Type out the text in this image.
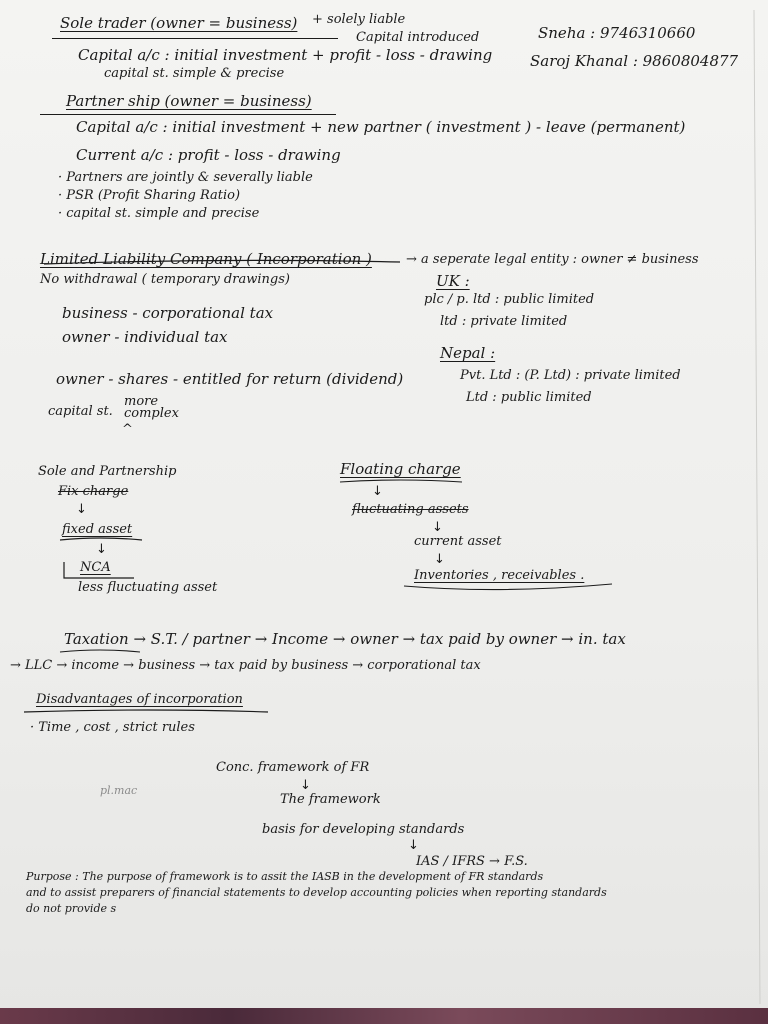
Sole trader (owner = business) + solely liable
Capital introduced
Capital a/c : initial investment + profit - loss - drawing
capital st. simple & precise
Sneha : 9746310660
Saroj Khanal : 9860804877
Partner ship (owner = business)
Capital a/c : initial investment + new partner ( investment ) - leave (permanent)
Current a/c : profit - loss - drawing
· Partners are jointly & severally liable
· PSR (Profit Sharing Ratio)
· capital st. simple and precise
Limited Liability Company ( Incorporation )	→ a seperate legal entity : owner ≠ business
No withdrawal ( temporary drawings)
business - corporational tax
owner - individual tax
UK :
plc / p. ltd : public limited
ltd : private limited
Nepal :
owner - shares - entitled for return (dividend)	Pvt. Ltd : (P. Ltd) : private limited
Ltd : public limited
more
capital st. complex
^
Sole and Partnership
Fix charge
↓
fixed asset
↓
NCA
less fluctuating asset
Floating charge
↓
fluctuating assets
↓
current asset
↓
Inventories , receivables .
Taxation → S.T. / partner → Income → owner → tax paid by owner → in. tax
→ LLC → income → business → tax paid by business → corporational tax
Disadvantages of incorporation
· Time , cost , strict rules
pl.mac
Conc. framework of FR
↓
The framework
basis for developing standards
↓
IAS / IFRS → F.S.
Purpose : The purpose of framework is to assit the IASB in the development of FR standards
and to assist preparers of financial statements to develop accounting policies when reporting standards
do not provide s
